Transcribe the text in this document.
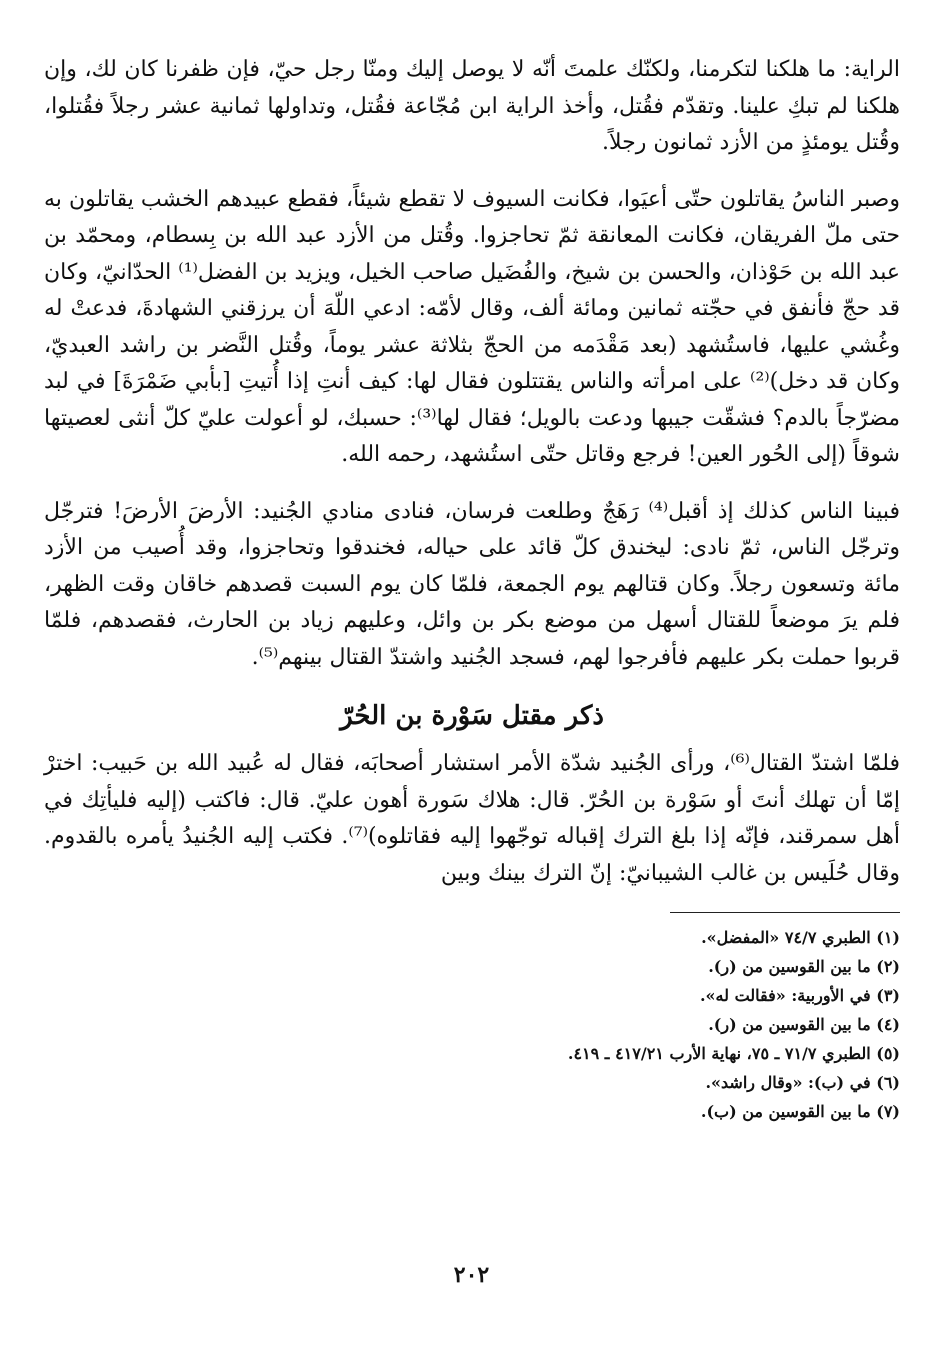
الراية: ما هلكنا لتكرمنا، ولكنّك علمتَ أنّه لا يوصل إليك ومنّا رجل حيّ، فإن ظفرنا كان لك، وإن هلكنا لم تبكِ علينا. وتقدّم فقُتل، وأخذ الراية ابن مُجّاعة فقُتل، وتداولها ثمانية عشر رجلاً فقُتلوا، وقُتل يومئذٍ من الأزد ثمانون رجلاً.

وصبر الناسُ يقاتلون حتّى أعيَوا، فكانت السيوف لا تقطع شيئاً، فقطع عبيدهم الخشب يقاتلون به حتى ملّ الفريقان، فكانت المعانقة ثمّ تحاجزوا. وقُتل من الأزد عبد الله بن بِسطام، ومحمّد بن عبد الله بن حَوْذان، والحسن بن شيخ، والفُضَيل صاحب الخيل، ويزيد بن الفضل⁽¹⁾ الحدّانيّ، وكان قد حجّ فأنفق في حجّته ثمانين ومائة ألف، وقال لأمّه: ادعي اللّهَ أن يرزقني الشهادةَ، فدعتْ له وغُشي عليها، فاستُشهد (بعد مَقْدَمه من الحجّ بثلاثة عشر يوماً، وقُتل النَّضر بن راشد العبديّ، وكان قد دخل)⁽²⁾ على امرأته والناس يقتتلون فقال لها: كيف أنتِ إذا أُتيتِ [بأبي ضَمْرَةَ] في لبد مضرّجاً بالدم؟ فشقّت جيبها ودعت بالويل؛ فقال لها⁽³⁾: حسبك، لو أعولت عليّ كلّ أنثى لعصيتها شوقاً (إلى الحُور العين! فرجع وقاتل حتّى استُشهد، رحمه الله.

فبينا الناس كذلك إذ أقبل⁽⁴⁾ رَهَجٌ وطلعت فرسان، فنادى منادي الجُنيد: الأرضَ الأرضَ! فترجّل وترجّل الناس، ثمّ نادى: ليخندق كلّ قائد على حياله، فخندقوا وتحاجزوا، وقد أُصيب من الأزد مائة وتسعون رجلاً. وكان قتالهم يوم الجمعة، فلمّا كان يوم السبت قصدهم خاقان وقت الظهر، فلم يرَ موضعاً للقتال أسهل من موضع بكر بن وائل، وعليهم زياد بن الحارث، فقصدهم، فلمّا قربوا حملت بكر عليهم فأفرجوا لهم، فسجد الجُنيد واشتدّ القتال بينهم⁽⁵⁾.

ذكر مقتل سَوْرة بن الحُرّ

فلمّا اشتدّ القتال⁽⁶⁾، ورأى الجُنيد شدّة الأمر استشار أصحابَه، فقال له عُبيد الله بن حَبيب: اخترْ إمّا أن تهلك أنتَ أو سَوْرة بن الحُرّ. قال: هلاك سَورة أهون عليّ. قال: فاكتب (إليه فليأتِك في أهل سمرقند، فإنّه إذا بلغ الترك إقباله توجّهوا إليه فقاتلوه)⁽⁷⁾. فكتب إليه الجُنيدُ يأمره بالقدوم. وقال حُلَيس بن غالب الشيبانيّ: إنّ الترك بينك وبين

(١) الطبري ٧٤/٧ «المفضل».
(٢) ما بين القوسين من (ر).
(٣) في الأوربية: «فقالت له».
(٤) ما بين القوسين من (ر).
(٥) الطبري ٧١/٧ ـ ٧٥، نهاية الأرب ٤١٧/٢١ ـ ٤١٩.
(٦) في (ب): «وقال راشد».
(٧) ما بين القوسين من (ب).
٢٠٢
